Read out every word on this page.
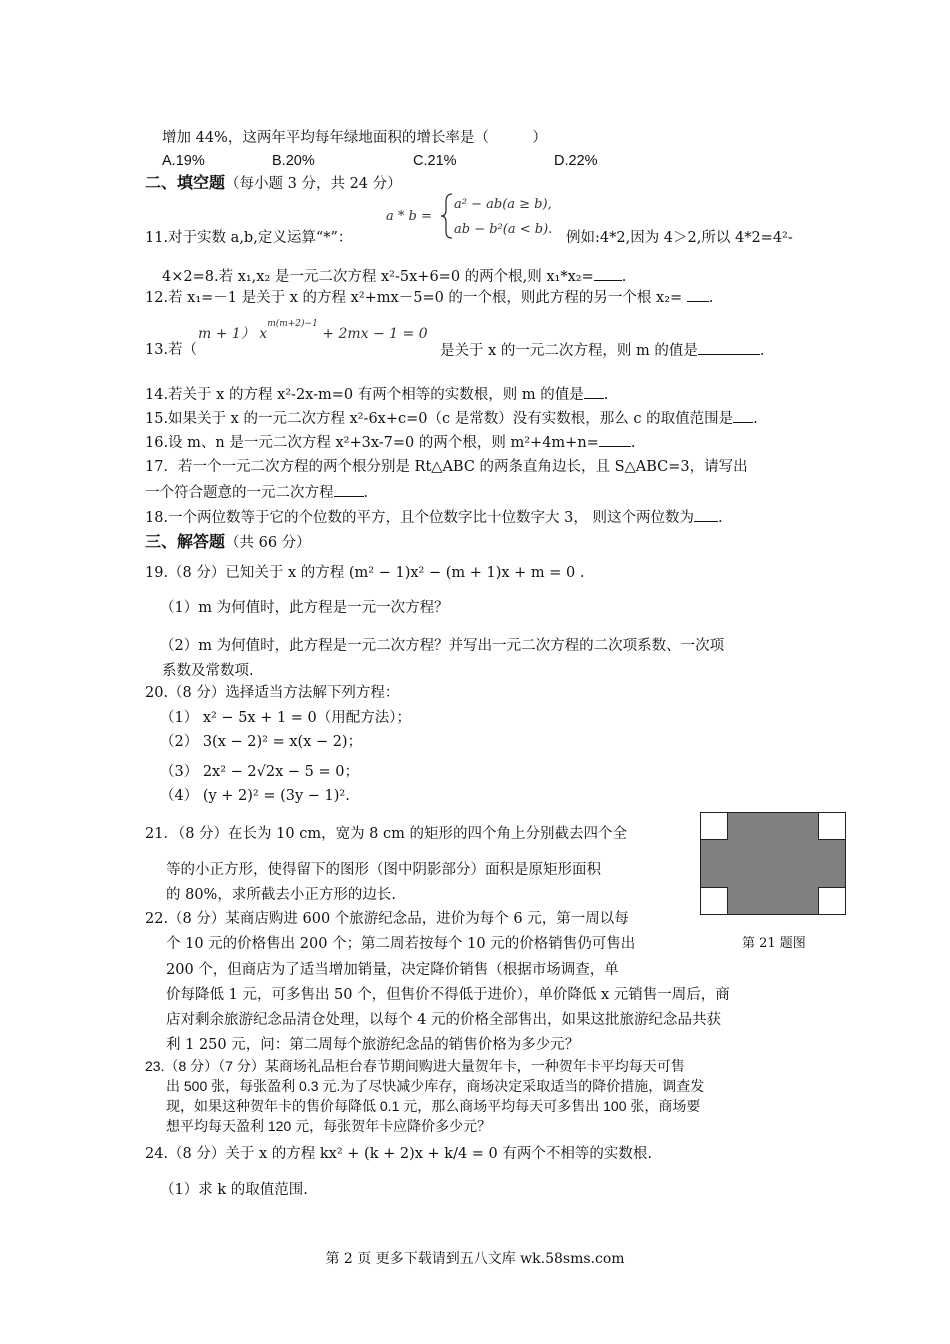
增加 44%，这两年平均每年绿地面积的增长率是（　　　）
A.19%	B.20%	C.21%	D.22%
二、填空题（每小题 3 分，共 24 分）
a * b =
a² − ab(a ≥ b),
ab − b²(a < b).
11.对于实数 a,b,定义运算“*”：	例如:4*2,因为 4＞2,所以 4*2=4²-
4×2=8.若 x₁,x₂ 是一元二次方程 x²-5x+6=0 的两个根,则 x₁*x₂= .
12.若 x₁=－1 是关于 x 的方程 x²+mx－5=0 的一个根，则此方程的另一个根 x₂= .
13.若（
m + 1） $x^{m(m+2)-1} + 2mx - 1 = 0$
是关于 x 的一元二次方程，则 m 的值是	.
14.若关于 x 的方程 x²-2x-m=0 有两个相等的实数根，则 m 的值是 .
15.如果关于 x 的一元二次方程 x²-6x+c=0（c 是常数）没有实数根，那么 c 的取值范围是 .
16.设 m、n 是一元二次方程 x²+3x-7=0 的两个根，则 m²+4m+n= .
17．若一个一元二次方程的两个根分别是 Rt△ABC 的两条直角边长，且 S△ABC=3，请写出
一个符合题意的一元二次方程 .
18.一个两位数等于它的个位数的平方，且个位数字比十位数字大 3， 则这个两位数为 .
三、解答题（共 66 分）
19.（8 分）已知关于 x 的方程 (m² − 1)x² − (m + 1)x + m = 0 .
（1）m 为何值时，此方程是一元一次方程？
（2）m 为何值时，此方程是一元二次方程？并写出一元二次方程的二次项系数、一次项
系数及常数项.
20.（8 分）选择适当方法解下列方程：
（1） x² − 5x + 1 = 0（用配方法）；
（2） 3(x − 2)² = x(x − 2)；
（3） 2x² − 2√2x − 5 = 0；
（4） (y + 2)² = (3y − 1)².
21．（8 分）在长为 10 cm，宽为 8 cm 的矩形的四个角上分别截去四个全
等的小正方形，使得留下的图形（图中阴影部分）面积是原矩形面积
的 80%，求所截去小正方形的边长.
第 21 题图
22.（8 分）某商店购进 600 个旅游纪念品，进价为每个 6 元，第一周以每
个 10 元的价格售出 200 个；第二周若按每个 10 元的价格销售仍可售出
200 个，但商店为了适当增加销量，决定降价销售（根据市场调查，单
价每降低 1 元，可多售出 50 个，但售价不得低于进价），单价降低 x 元销售一周后，商
店对剩余旅游纪念品清仓处理，以每个 4 元的价格全部售出，如果这批旅游纪念品共获
利 1 250 元，问：第二周每个旅游纪念品的销售价格为多少元？
23.（8 分）（7 分）某商场礼品柜台春节期间购进大量贺年卡，一种贺年卡平均每天可售
出 500 张，每张盈利 0.3 元.为了尽快减少库存，商场决定采取适当的降价措施，调查发
现，如果这种贺年卡的售价每降低 0.1 元，那么商场平均每天可多售出 100 张，商场要
想平均每天盈利 120 元，每张贺年卡应降价多少元？
24.（8 分）关于 x 的方程 kx² + (k + 2)x + k/4 = 0 有两个不相等的实数根.
（1）求 k 的取值范围.
第 2 页 更多下载请到五八文库 wk.58sms.com
